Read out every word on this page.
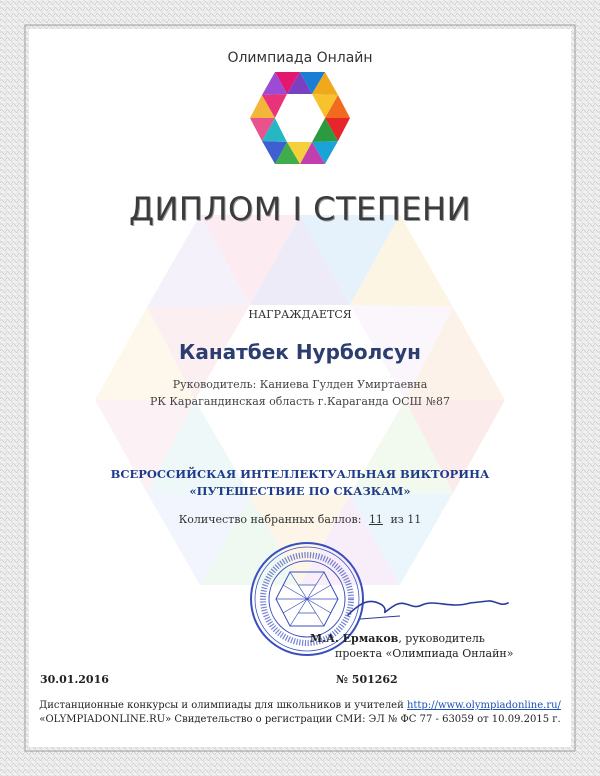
Олимпиада Онлайн
ДИПЛОМ I СТЕПЕНИ
НАГРАЖДАЕТСЯ
Канатбек Нурболсун
Руководитель: Каниева Гулден Умиртаевна
РК Карагандинская область г.Караганда ОСШ №87
ВСЕРОССИЙСКАЯ ИНТЕЛЛЕКТУАЛЬНАЯ ВИКТОРИНА
«ПУТЕШЕСТВИЕ ПО СКАЗКАМ»
Количество набранных баллов: 11 из 11
М.А. Ермаков, руководитель
проекта «Олимпиада Онлайн»
30.01.2016	№ 501262
Дистанционные конкурсы и олимпиады для школьников и учителей http://www.olympiadonline.ru/
«OLYMPIADONLINE.RU» Свидетельство о регистрации СМИ: ЭЛ № ФС 77 - 63059 от 10.09.2015 г.
